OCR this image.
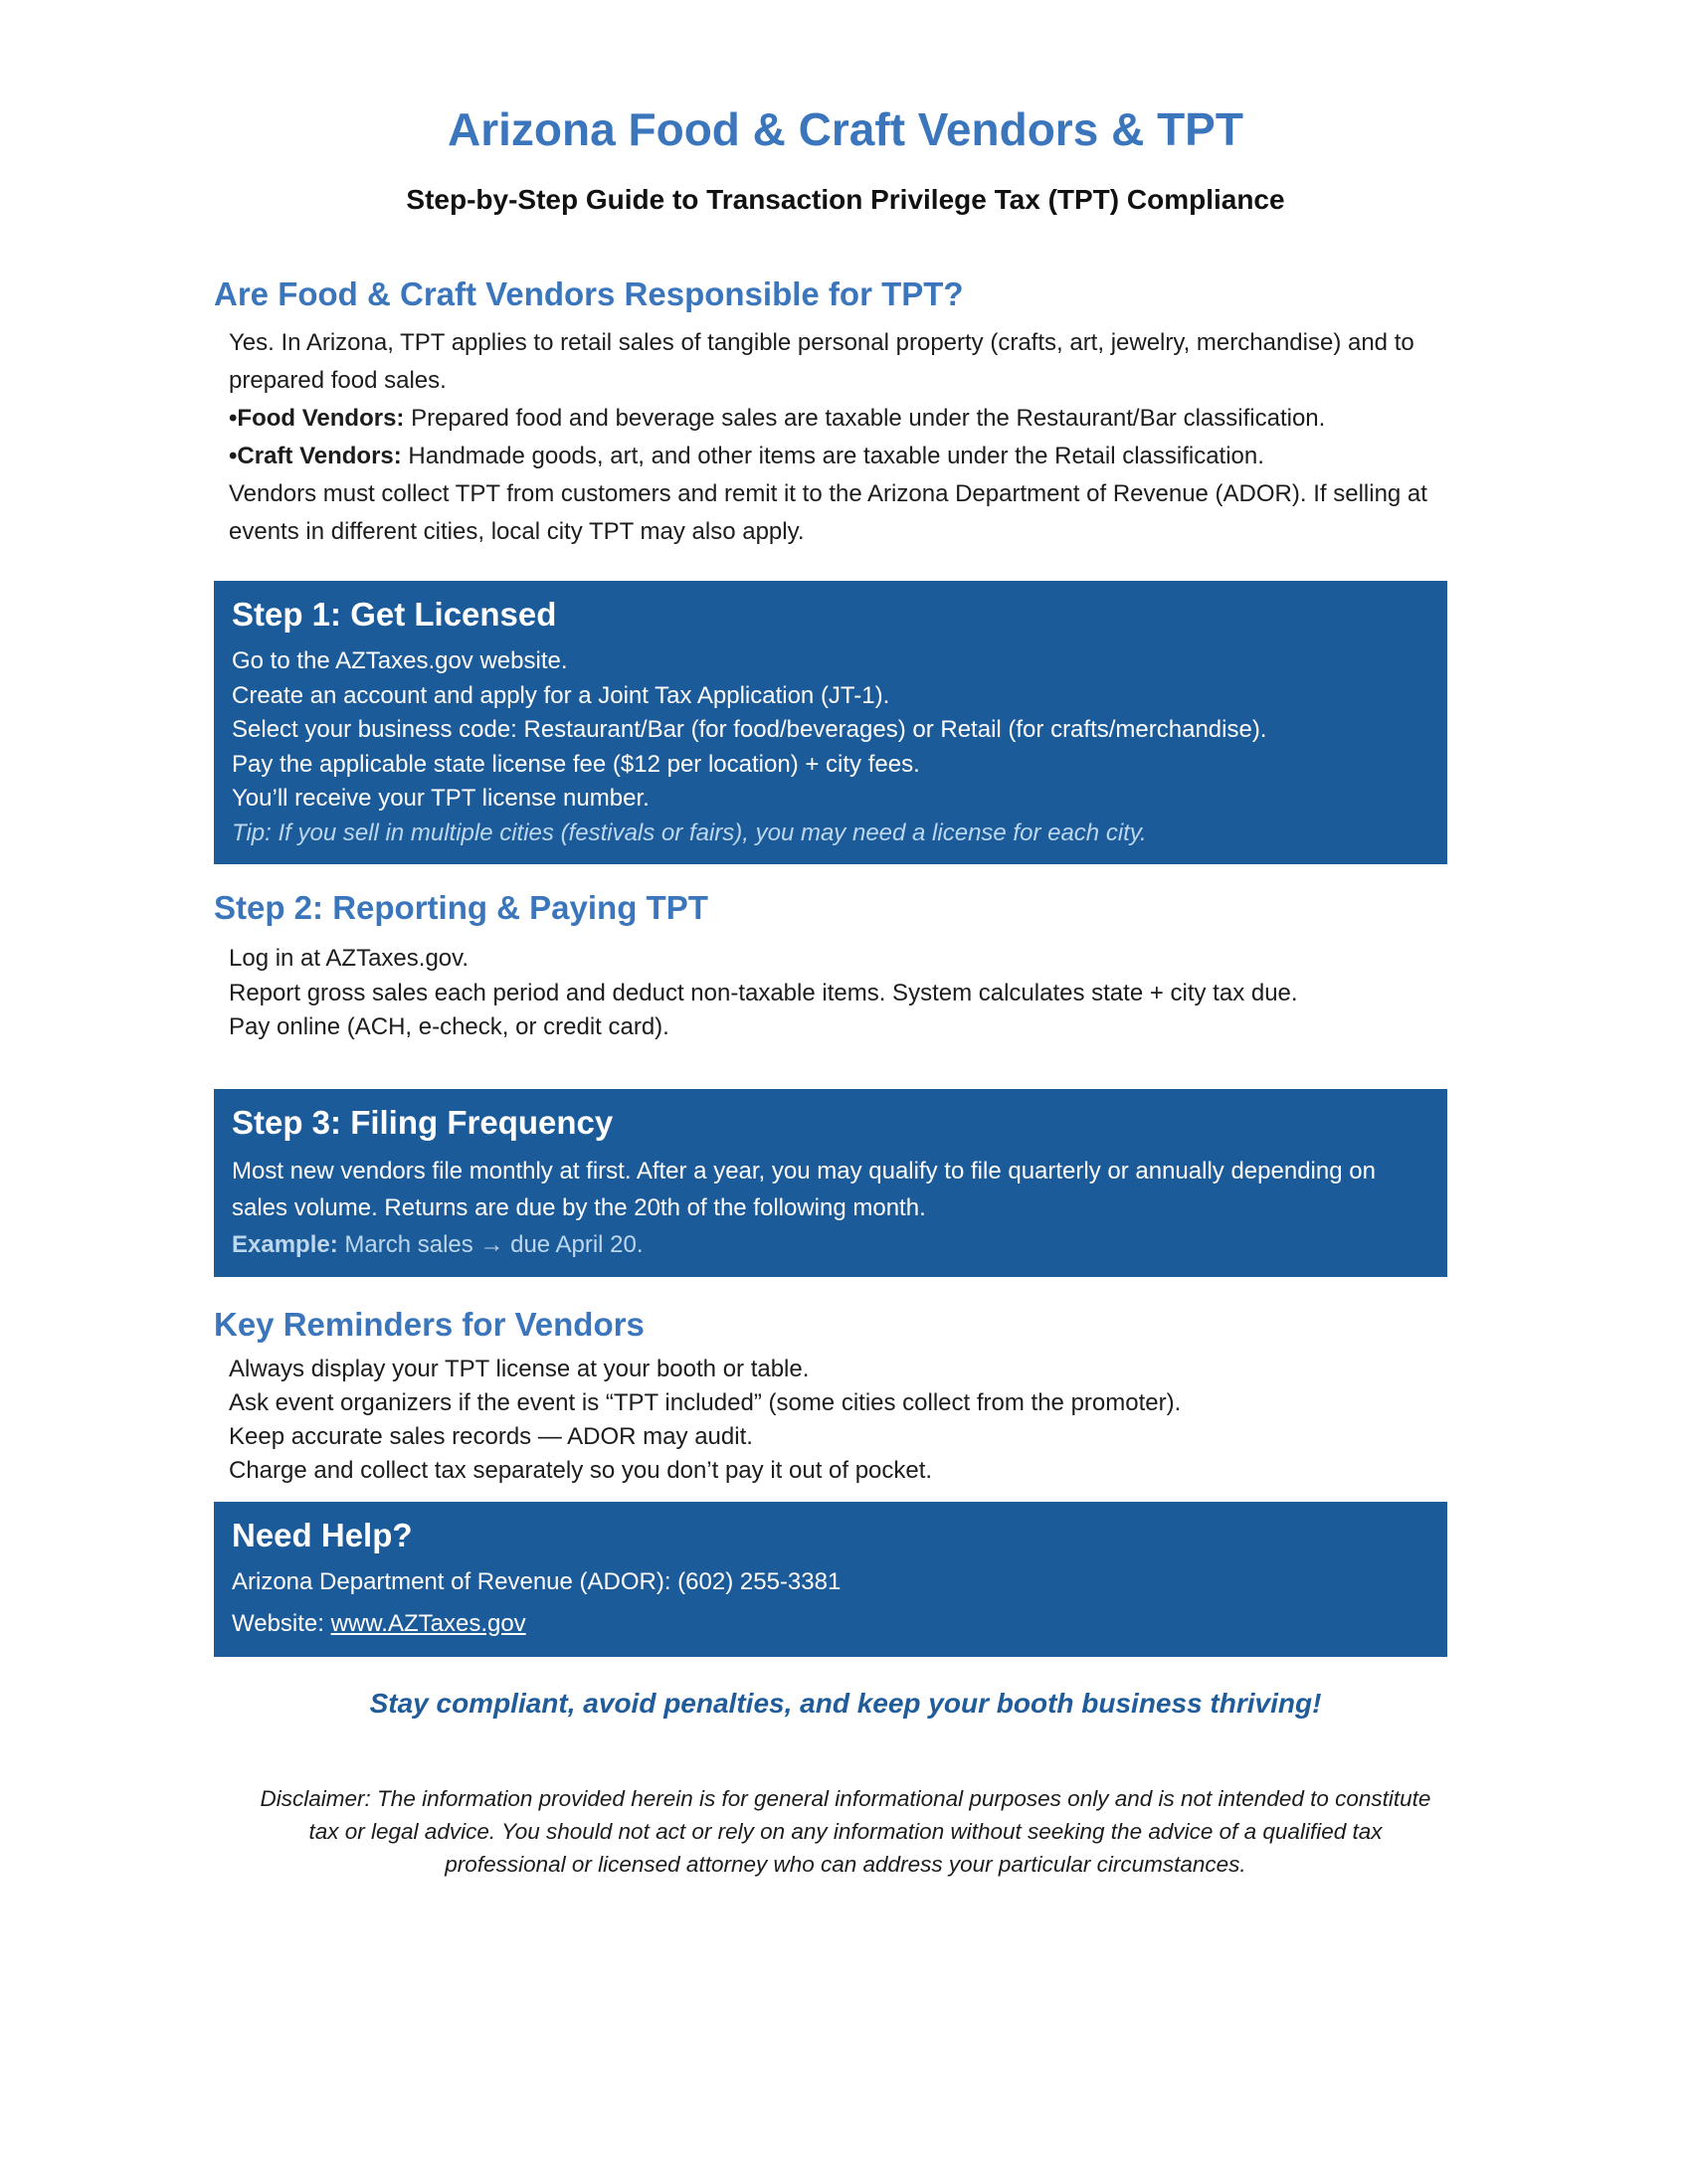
Arizona Food & Craft Vendors & TPT
Step-by-Step Guide to Transaction Privilege Tax (TPT) Compliance
Are Food & Craft Vendors Responsible for TPT?
Yes. In Arizona, TPT applies to retail sales of tangible personal property (crafts, art, jewelry, merchandise) and to prepared food sales.
•Food Vendors: Prepared food and beverage sales are taxable under the Restaurant/Bar classification.
•Craft Vendors: Handmade goods, art, and other items are taxable under the Retail classification.
Vendors must collect TPT from customers and remit it to the Arizona Department of Revenue (ADOR). If selling at events in different cities, local city TPT may also apply.
Step 1: Get Licensed
Go to the AZTaxes.gov website.
Create an account and apply for a Joint Tax Application (JT-1).
Select your business code: Restaurant/Bar (for food/beverages) or Retail (for crafts/merchandise).
Pay the applicable state license fee ($12 per location) + city fees.
You’ll receive your TPT license number.
Tip: If you sell in multiple cities (festivals or fairs), you may need a license for each city.
Step 2: Reporting & Paying TPT
Log in at AZTaxes.gov.
Report gross sales each period and deduct non-taxable items. System calculates state + city tax due.
Pay online (ACH, e-check, or credit card).
Step 3: Filing Frequency

Most new vendors file monthly at first. After a year, you may qualify to file quarterly or annually depending on sales volume. Returns are due by the 20th of the following month.

Example: March sales → due April 20.
Key Reminders for Vendors
Always display your TPT license at your booth or table.
Ask event organizers if the event is “TPT included” (some cities collect from the promoter).
Keep accurate sales records — ADOR may audit.
Charge and collect tax separately so you don’t pay it out of pocket.
Need Help?
Arizona Department of Revenue (ADOR): (602) 255-3381
Website: www.AZTaxes.gov
Stay compliant, avoid penalties, and keep your booth business thriving!
Disclaimer: The information provided herein is for general informational purposes only and is not intended to constitute tax or legal advice. You should not act or rely on any information without seeking the advice of a qualified tax professional or licensed attorney who can address your particular circumstances.
